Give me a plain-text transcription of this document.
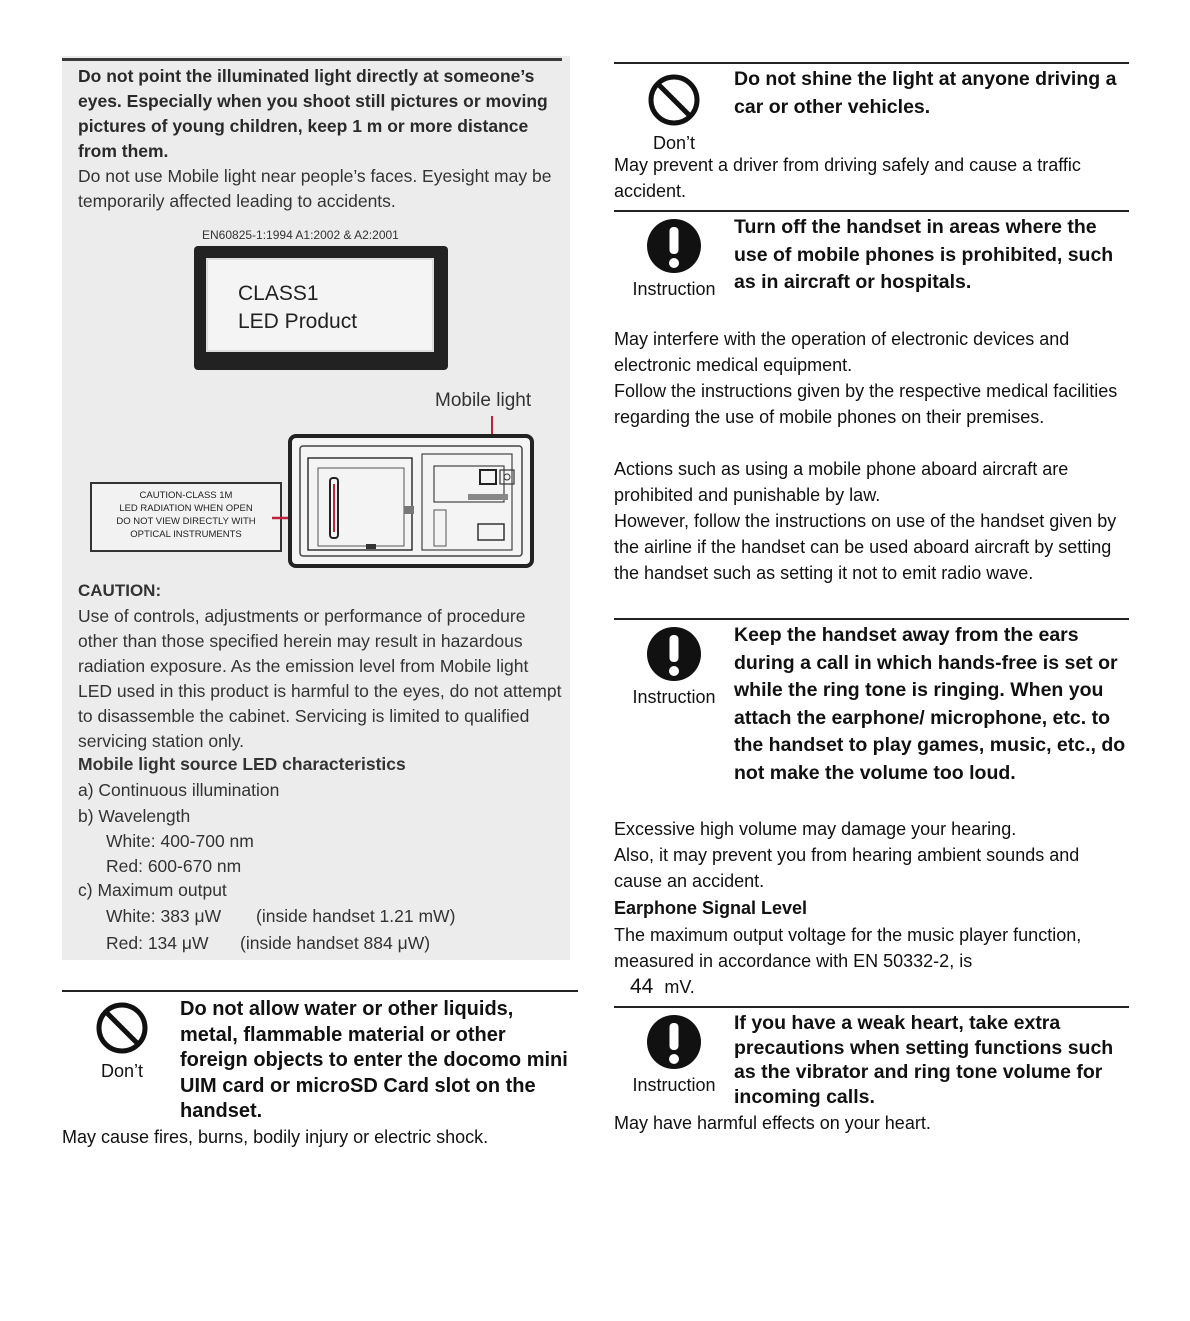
Do not point the illuminated light directly at someone’s eyes. Especially when you shoot still pictures or moving pictures of young children, keep 1 m or more distance from them.
Do not use Mobile light near people’s faces. Eyesight may be temporarily affected leading to accidents.
EN60825-1:1994 A1:2002 & A2:2001
CLASS1
LED Product
Mobile light
CAUTION-CLASS 1M
LED RADIATION WHEN OPEN
DO NOT VIEW DIRECTLY WITH
OPTICAL INSTRUMENTS
CAUTION:
Use of controls, adjustments or performance of procedure other than those specified herein may result in hazardous radiation exposure. As the emission level from Mobile light LED used in this product is harmful to the eyes, do not attempt to disassemble the cabinet. Servicing is limited to qualified servicing station only.
Mobile light source LED characteristics
a) Continuous illumination
b) Wavelength
White: 400-700 nm
Red: 600-670 nm
c) Maximum output
White: 383 μW (inside handset 1.21 mW)
Red: 134 μW (inside handset 884 μW)
Don’t
Do not allow water or other liquids, metal, flammable material or other foreign objects to enter the docomo mini UIM card or microSD Card slot on the handset.
May cause fires, burns, bodily injury or electric shock.
Don’t
Do not shine the light at anyone driving a car or other vehicles.
May prevent a driver from driving safely and cause a traffic accident.
Instruction
Turn off the handset in areas where the use of mobile phones is prohibited, such as in aircraft or hospitals.
May interfere with the operation of electronic devices and electronic medical equipment.
Follow the instructions given by the respective medical facilities regarding the use of mobile phones on their premises.
Actions such as using a mobile phone aboard aircraft are prohibited and punishable by law.
However, follow the instructions on use of the handset given by the airline if the handset can be used aboard aircraft by setting the handset such as setting it not to emit radio wave.
Instruction
Keep the handset away from the ears during a call in which hands-free is set or while the ring tone is ringing. When you attach the earphone/ microphone, etc. to the handset to play games, music, etc., do not make the volume too loud.
Excessive high volume may damage your hearing.
Also, it may prevent you from hearing ambient sounds and cause an accident.
Earphone Signal Level
The maximum output voltage for the music player function, measured in accordance with EN 50332-2, is
44 mV.
Instruction
If you have a weak heart, take extra precautions when setting functions such as the vibrator and ring tone volume for incoming calls.
May have harmful effects on your heart.
